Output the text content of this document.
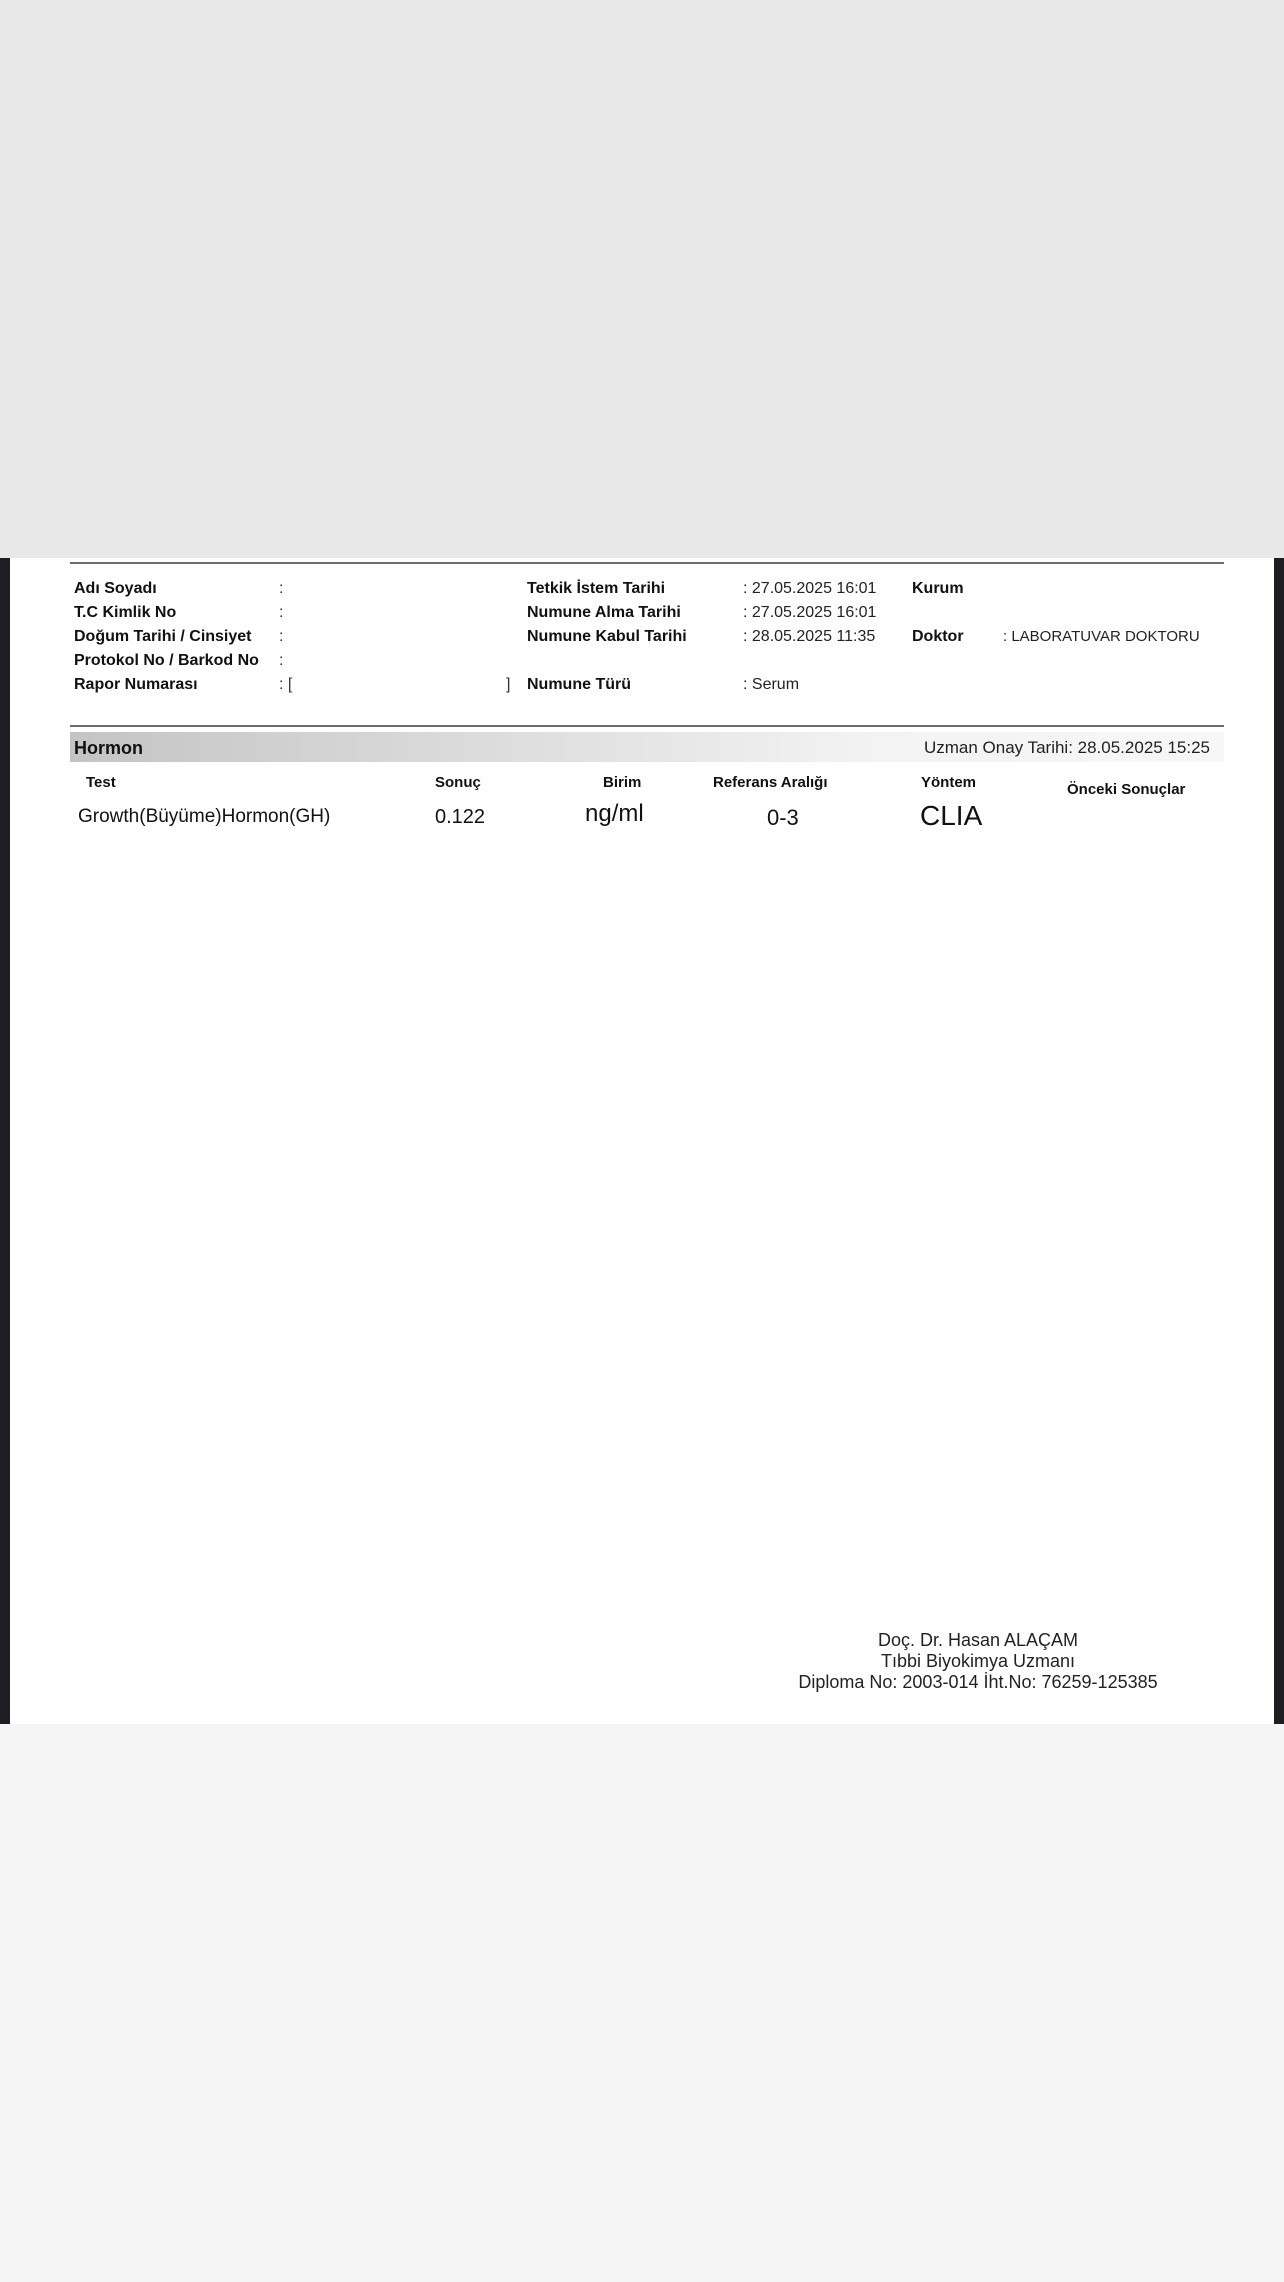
Adı Soyadı	:
T.C Kimlik No	:
Doğum Tarihi / Cinsiyet :
Protokol No / Barkod No :
Rapor Numarası	: [	]
Tetkik İstem Tarihi	: 27.05.2025 16:01
Numune Alma Tarihi	: 27.05.2025 16:01
Numune Kabul Tarihi	: 28.05.2025 11:35
Numune Türü	: Serum
Kurum
Doktor	: LABORATUVAR DOKTORU
Hormon	Uzman Onay Tarihi: 28.05.2025 15:25
Test	Sonuç	Birim	Referans Aralığı	Yöntem	Önceki Sonuçlar
Growth(Büyüme)Hormon(GH)	0.122	ng/ml	0-3	CLIA
Doç. Dr. Hasan ALAÇAM
Tıbbi Biyokimya Uzmanı
Diploma No: 2003-014 İht.No: 76259-125385
